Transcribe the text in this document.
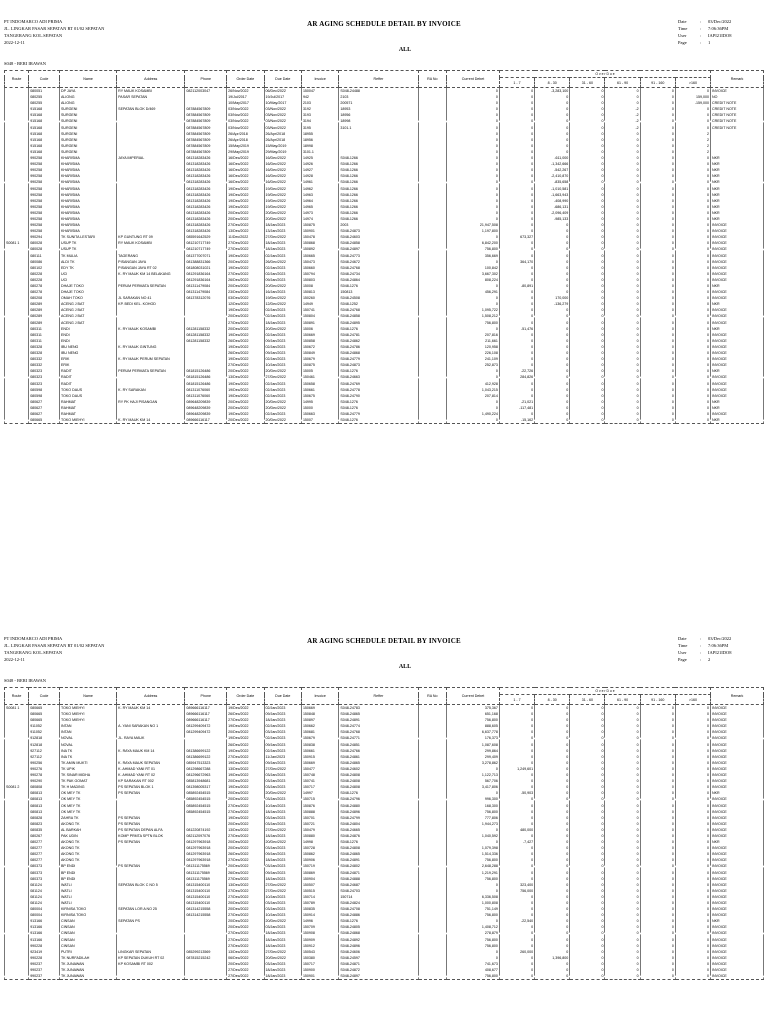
PT INDOMARCO ADI PRIMA
JL. LINGKAR PASAR SEPATAN RT 01/02 SEPATAN
TANGERANG KOL.SEPATAN
2022-12-11
AR AGING SCHEDULE DETAIL BY INVOICE
ALL
Date	:	03/Dec/2022
Time	:	7:06:36PM
User	:	IAPI21IDO8
Page	:	1
S048 - BERI IRAWAN
Route	Code	Name	Address	Phone	Order Date	Due Date	Invoice	Reffer	RA No	Current Debet	O v e r D u e						Remark
											1 - 7	8 - 30	31 - 60	61 - 90	91 - 160	>160	
	080051	DP JAYA	RY MAUK KOSAMBI	082112003047	26/Nov/2022	06/Dec/2022	150047	S048-24488		0	0	-3,283,100	0	0	0	0	INVOICE
	080255	ALIONG	PASAR SEPATAN		19/Jul/2017	19/Jul/2017	942	2103		0	0	0	0	0	0	159,000	NO
	080255	ALIONG			10/May/2017	10/May/2017	2103	200571		0	0	0	0	0	0	-159,000	CREDIT NOTE
	915168	SURGENI	SEPATAN BLOK D/469	087884567809	03/Nov/2022	03/Nov/2022	3192	18953		0	0	0	0	-2	0	0	CREDIT NOTE
	915168	SURGENI		087884567809	03/Nov/2022	03/Nov/2022	3193	18956		0	0	0	0	-2	0	0	CREDIT NOTE
	915168	SURGENI		087884567809	03/Nov/2022	03/Nov/2022	3194	18998		0	0	0	0	-2	0	0	CREDIT NOTE
	915168	SURGENI		087884567809	03/Nov/2022	03/Nov/2022	3195	3101.1		0	0	0	0	-2	0	0	CREDIT NOTE
	915168	SURGENI		087884567809	26/Apr/2018	26/Apr/2018	18955			0	0	0	0	0	0	2	
	915168	SURGENI		087884567809	26/Apr/2018	26/Apr/2018	18956			0	0	0	0	0	0	2	
	915168	SURGENI		087884567809	15/May/2019	15/May/2019	18998			0	0	0	0	0	0	2	
	915168	SURGENI		087884567809	29/May/2019	29/May/2019	3101.1			0	0	0	0	0	0	2	
	990258	KHARISMA	JAYA IMPERIAL	081318283426	16/Dec/2022	16/Dec/2022	14925	S048-1266		0	0	-611,000	0	0	0	0	NKR
	990258	KHARISMA		081318283426	16/Dec/2022	16/Dec/2022	14926	S048-1266		0	0	-1,342,666	0	0	0	0	NKR
	990258	KHARISMA		081318283426	16/Dec/2022	16/Dec/2022	14927	S048-1266		0	0	-542,267	0	0	0	0	NKR
	990258	KHARISMA		081318283426	16/Dec/2022	16/Dec/2022	14928	S048-1266		0	0	-2,410,870	0	0	0	0	NKR
	990258	KHARISMA		081318283426	16/Dec/2022	16/Dec/2022	14961	S048-1266		0	0	-835,658	0	0	0	0	NKR
	990258	KHARISMA		081318283426	19/Dec/2022	19/Dec/2022	14962	S048-1266		0	0	-1,010,581	0	0	0	0	NKR
	990258	KHARISMA		081318283426	19/Dec/2022	19/Dec/2022	14963	S048-1266		0	0	-1,663,943	0	0	0	0	NKR
	990258	KHARISMA		081318283426	19/Dec/2022	19/Dec/2022	14964	S048-1266		0	0	-408,990	0	0	0	0	NKR
	990258	KHARISMA		081318283426	19/Dec/2022	19/Dec/2022	14965	S048-1266		0	0	-686,131	0	0	0	0	NKR
	990258	KHARISMA		081318283426	20/Dec/2022	20/Dec/2022	14973	S048-1266		0	0	-2,096,409	0	0	0	0	NKR
	990258	KHARISMA		081318283426	20/Dec/2022	20/Dec/2022	14974	S048-1266		0	0	-985,133	0	0	0	0	NKR
	990258	KHARISMA		081318283426	27/Dec/2022	18/Jan/2023	150875	2003		21,947,508	0	0	0	0	0	0	INVOICE
	990258	KHARISMA		081318283426	13/Dec/2022	13/Jan/2023	150901	S048-24873		1,197,800	0	0	0	0	0	0	INVOICE
	990294	TK SUNITA LESTARI	KP GUNTUNG RT 09	085591642529	11/Dec/2022	27/Dec/2022	150478	S048-24603		0	673,327	0	0	0	0	0	INVOICE
S0081 1	080028	USUP TK	RY MAUK KOSAMBI	081210717749	27/Dec/2022	18/Jan/2023	150868	S048-24858		6,842,200	0	0	0	0	0	0	INVOICE
	080028	USUP TK		081210717749	27/Dec/2022	18/Jan/2023	150892	S048-24897		756,800	0	0	0	0	0	0	INVOICE
	080111	TK MULIA	TAGERANG	081377007071	19/Dec/2022	02/Jan/2023	150665	S048-24773		356,669	0	0	0	0	0	0	INVOICE
	080086	ALDI TK	PISANGAN JAYA	081388831366	20/Dec/2022	26/Dec/2022	150473	S048-24672		0	364,170	0	0	0	0	0	INVOICE
	080102	EDY TK	PISANGAN JAYA RT 02	081808031021	19/Dec/2022	02/Jan/2023	150660	S048-24768		100,842	0	0	0	0	0	0	INVOICE
	080228	UCI	K. RY MAUK KM 14 BELAKANG	081291836164	27/Dec/2022	02/Jan/2023	150794	S048-24734		3,667,302	0	0	0	0	0	0	INVOICE
	080228	UCI		081291836164	26/Dec/2022	09/Jan/2023	150803	S048-24864		808,224	0	0	0	0	0	0	INVOICE
	080278	DHAJE TOKO	PERUM PERMATA SEPATAN	081311479084	20/Dec/2022	20/Dec/2022	15008	S048-1276		0	-80,891	0	0	0	0	0	NKR
	080278	DHAJE TOKO		081311479084	23/Dec/2022	16/Jan/2023	150813	150813		456,291	0	0	0	0	0	0	INVOICE
	080208	OMAH TOKO	JL SARAKAN NO 41	081378312076	03/Dec/2022	19/Dec/2022	150260	S048-24508		0	0	170,000	0	0	0	0	INVOICE
	080289	ACENG J BAT	KP. BEDI KEL. KOHOD		12/Dec/2022	12/Dec/2022	14949	S048-1252		0	0	-136,279	0	0	0	0	NKR
	080289	ACENG J BAT			19/Dec/2022	02/Jan/2023	150741	S048-24768		1,095,722	0	0	0	0	0	0	INVOICE
	080289	ACENG J BAT			20/Dec/2022	02/Jan/2023	150804	S048-24858		1,508,212	0	0	0	0	0	0	INVOICE
	080289	ACENG J BAT			27/Dec/2022	18/Jan/2023	150891	S048-24895		756,800	0	0	0	0	0	0	INVOICE
	080311	ENDI	K. RY MAUK KOSAMBI	081281158332	20/Dec/2022	20/Dec/2022	15006	S048-1276		0	-51,476	0	0	0	0	0	NKR
	080311	ENDI		081281158332	19/Dec/2022	02/Jan/2023	150669	S048-24781		207,816	0	0	0	0	0	0	INVOICE
	080311	ENDI		081281158332	26/Dec/2022	09/Jan/2023	150858	S048-24862		211,661	0	0	0	0	0	0	INVOICE
	080328	IBU NENG	K. RY MAUK GINTUNG		19/Dec/2022	02/Jan/2023	150672	S048-24786		120,958	0	0	0	0	0	0	INVOICE
	080328	IBU NENG			26/Dec/2022	09/Jan/2023	150849	S048-24868		226,108	0	0	0	0	0	0	INVOICE
	080332	ERIK	K. RY MAUK PERUM SEPATAN		19/Dec/2022	02/Jan/2023	150679	S048-24779		241,109	0	0	0	0	0	0	INVOICE
	080332	ERIK			27/Dec/2022	10/Jan/2023	150875	S048-24873		252,873	0	0	0	0	0	0	INVOICE
	080323	RADIT	PERUM PERMATA SEPATAN	081815126486	20/Dec/2022	20/Dec/2022	15005	S048-1276		0	-22,726	0	0	0	0	0	NKR
	080323	RADIT		081815126486	13/Dec/2022	27/Dec/2022	150461	S048-24663		0	284,826	0	0	0	0	0	INVOICE
	080323	RADIT		081815126486	19/Dec/2022	02/Jan/2023	150658	S048-24769		412,928	0	0	0	0	0	0	INVOICE
	080598	TOKO DAUS	K. RY SARAKAN	081311076060	19/Dec/2022	02/Jan/2023	150661	S048-24778		1,043,215	0	0	0	0	0	0	INVOICE
	080598	TOKO DAUS		081311076060	19/Dec/2022	02/Jan/2023	150675	S048-24790		207,814	0	0	0	0	0	0	INVOICE
	080627	RAHMAT	RY PK HAJI PISANGAN	089648209839	20/Dec/2022	20/Dec/2022	14995	S048-1276		0	-21,021	0	0	0	0	0	NKR
	080627	RAHMAT		089648209839	20/Dec/2022	20/Dec/2022	15000	S048-1276		0	-117,481	0	0	0	0	0	NKR
	080627	RAHMAT		089648209839	19/Dec/2022	02/Jan/2023	150663	S048-24779		1,490,224	0	0	0	0	0	0	INVOICE
	080665	TOKO MIEHYI	K. RY MAUK KM 14	089666116117	20/Dec/2022	20/Dec/2022	15007	S048-1276		0	-15,162	0	0	0	0	0	NKR
PT INDOMARCO ADI PRIMA
JL. LINGKAR PASAR SEPATAN RT 01/02 SEPATAN
TANGERANG KOL.SEPATAN
2022-12-11
AR AGING SCHEDULE DETAIL BY INVOICE
ALL
Date	:	03/Dec/2022
Time	:	7:06:36PM
User	:	IAPI21IDO8
Page	:	2
S048 - BERI IRAWAN
Route	Code	Name	Address	Phone	Order Date	Due Date	Invoice	Reffer	RA No	Current Debet	O v e r D u e						Remark
											1 - 7	8 - 30	31 - 60	61 - 90	91 - 160	>160	
S0081 1	080665	TOKO MIEHYI	K. RY MAUK KM 14	089666116117	19/Dec/2022	02/Jan/2023	150669	S048-24783		375,367	0	0	0	0	0	0	INVOICE
	080665	TOKO MIEHYI		089666116117	26/Dec/2022	09/Jan/2023	150848	S048-24865		651,168	0	0	0	0	0	0	INVOICE
	080665	TOKO MIEHYI		089666116117	27/Dec/2022	18/Jan/2023	150897	S048-24891		756,800	0	0	0	0	0	0	INVOICE
	911052	INTAN	A. YANI SARAKAN NO 1	081299409472	19/Dec/2022	02/Jan/2023	150662	S048-24774		888,605	0	0	0	0	0	0	INVOICE
	911052	INTAN		081299409472	20/Dec/2022	03/Jan/2023	150681	S048-24768		6,637,778	0	0	0	0	0	0	INVOICE
	912818	NOVAL	JL. RAYA MAUK		19/Dec/2022	02/Jan/2023	150679	S048-24771		176,373	0	0	0	0	0	0	INVOICE
	912818	NOVAL			26/Dec/2022	09/Jan/2023	150838	S048-24851		1,087,608	0	0	0	0	0	0	INVOICE
	927112	INA TK	K. RAYA MAUK KM 14	081386699122	19/Dec/2022	02/Jan/2023	150661	S048-24766		299,864	0	0	0	0	0	0	INVOICE
	927112	INA TK		081386699122	27/Dec/2022	11/Jan/2023	150915	S048-24861		299,409	0	0	0	0	0	0	INVOICE
	990256	TK AMIN MUKTI	K. RAYA MAUK SEPATAN	085947513323	19/Dec/2022	09/Jan/2023	150669	S048-24865		3,278,862	0	0	0	0	0	0	INVOICE
	990276	TK UPIK	K. AHMAD YANI RT 01	081298667288	13/Dec/2022	27/Dec/2022	150477	S048-24602		0	1,249,601	0	0	0	0	0	INVOICE
	990278	TK SINAR MIDHA	K. AHMAD YANI RT 02	081296672963	19/Dec/2022	03/Jan/2023	150748	S048-24808		1,122,713	0	0	0	0	0	0	INVOICE
	990290	TK PAK GOMAT	KP SARAKAN RT 002	085813948681	20/Dec/2022	03/Jan/2023	150741	S048-24808		567,706	0	0	0	0	0	0	INVOICE
S0081 2	080808	TK H MADING	PS SEPATAN BLOK 1	081398005317	19/Dec/2022	03/Jan/2023	150717	S048-24808		3,417,806	0	0	0	0	0	0	INVOICE
	080813	OK MEY TK	PS SEPATAN	085892454515	20/Dec/2022	20/Dec/2022	14997	S048-1276		0	-50,903	0	0	0	0	0	NKR
	080813	OK MEY TK		085892454515	20/Dec/2022	03/Jan/2023	150715	S048-24796		996,300	0	0	0	0	0	0	INVOICE
	080813	OK MEY TK		085892454515	27/Dec/2022	10/Jan/2023	150876	S048-24880		168,300	0	0	0	0	0	0	INVOICE
	080813	OK MEY TK		085892454515	27/Dec/2022	18/Jan/2023	150888	S048-24896		756,800	0	0	0	0	0	0	INVOICE
	080828	ZAHRA TK	PS SEPATAN		19/Dec/2022	03/Jan/2023	150701	S048-24799		777,806	0	0	0	0	0	0	INVOICE
	080823	AKONG TK	PS SEPATAN		20/Dec/2022	03/Jan/2023	150721	S048-24804		1,944,273	0	0	0	0	0	0	INVOICE
	080835	AL BARKAH	PS SEPATAN DEPAN ALFA	081220874192	13/Dec/2022	27/Dec/2022	150479	S048-24665		0	480,000	0	0	0	0	0	INVOICE
	080267	PAK UDIN	KOMP PRMTA SPTN BLOK	082112097076	27/Dec/2022	18/Jan/2023	150880	S048-24876		1,040,592	0	0	0	0	0	0	INVOICE
	080277	AKONG TK	PS SEPATAN	081297963918	20/Dec/2022	20/Dec/2022	14998	S048-1276		0	-7,427	0	0	0	0	0	NKR
	080277	AKONG TK		081297963918	20/Dec/2022	03/Jan/2023	150728	S048-24808		1,079,398	0	0	0	0	0	0	INVOICE
	080277	AKONG TK		081297963918	26/Dec/2022	09/Jan/2023	150862	S048-24865		1,514,336	0	0	0	0	0	0	INVOICE
	080277	AKONG TK		081297963918	27/Dec/2022	18/Jan/2023	150906	S048-24891		756,800	0	0	0	0	0	0	INVOICE
	080373	BP ENDI	PS SEPATAN	081311175569	20/Dec/2022	03/Jan/2023	150719	S048-24802		2,648,288	0	0	0	0	0	0	INVOICE
	080373	BP ENDI		081311175569	26/Dec/2022	09/Jan/2023	150869	S048-24871		1,219,291	0	0	0	0	0	0	INVOICE
	080373	BP ENDI		081311175569	27/Dec/2022	18/Jan/2023	150904	S048-24888		756,800	0	0	0	0	0	0	INVOICE
	081124	WATLI	SEPATAN BLOK C NO 5	081315400110	13/Dec/2022	27/Dec/2022	150507	S048-24687		0	323,400	0	0	0	0	0	INVOICE
	081124	WATLI		081315400110	27/Dec/2022	27/Dec/2022	150515	S048-24703		0	756,000	0	0	0	0	0	INVOICE
	081124	WATLI		081315400110	27/Dec/2022	10/Jan/2023	150714	150714		6,336,508	0	0	0	0	0	0	INVOICE
	081124	WATLI		081315400110	20/Dec/2022	03/Jan/2023	150789	S048-24824		1,000,808	0	0	0	0	0	0	INVOICE
	080004	KIRNISA TOKO	SEPATAN LOR A NO 25	081314215558	20/Dec/2022	03/Jan/2023	150835	S048-24708		751,149	0	0	0	0	0	0	INVOICE
	080004	KIRNISA TOKO		081314215558	27/Dec/2022	10/Jan/2023	150914	S048-24886		756,800	0	0	0	0	0	0	INVOICE
	913166	CINSAN	SEPATAN PS		20/Dec/2022	20/Dec/2022	14996	S048-1276		0	-22,540	0	0	0	0	0	NKR
	913166	CINSAN			20/Dec/2022	03/Jan/2023	150709	S048-24805		1,408,712	0	0	0	0	0	0	INVOICE
	913166	CINSAN			27/Dec/2022	18/Jan/2023	150908	S048-24868		278,879	0	0	0	0	0	0	INVOICE
	913166	CINSAN			27/Dec/2022	18/Jan/2023	150909	S048-24892		756,800	0	0	0	0	0	0	INVOICE
	990228	CINSAN			27/Dec/2022	18/Jan/2023	150912	S048-24896		756,800	0	0	0	0	0	0	INVOICE
	923419	PUTRI	LINGKAR SEPATAN	085299213569	13/Dec/2022	27/Dec/2022	150543	S048-24606		0	260,000	0	0	0	0	0	INVOICE
	990228	TK NURFADILAH	KP SEPATAN DUKUH RT 02	087815215242	06/Dec/2022	20/Dec/2022	150380	S048-24597		0	0	1,396,800	0	0	0	0	INVOICE
	990237	TK JUNAWAN	KP KOSAMBI RT 002		20/Dec/2022	03/Jan/2023	150717	S048-24871		741,673	0	0	0	0	0	0	INVOICE
	990237	TK JUNAWAN			27/Dec/2022	18/Jan/2023	150900	S048-24872		408,677	0	0	0	0	0	0	INVOICE
	990237	TK JUNAWAN			27/Dec/2022	18/Jan/2023	150901	S048-24897		756,800	0	0	0	0	0	0	INVOICE
